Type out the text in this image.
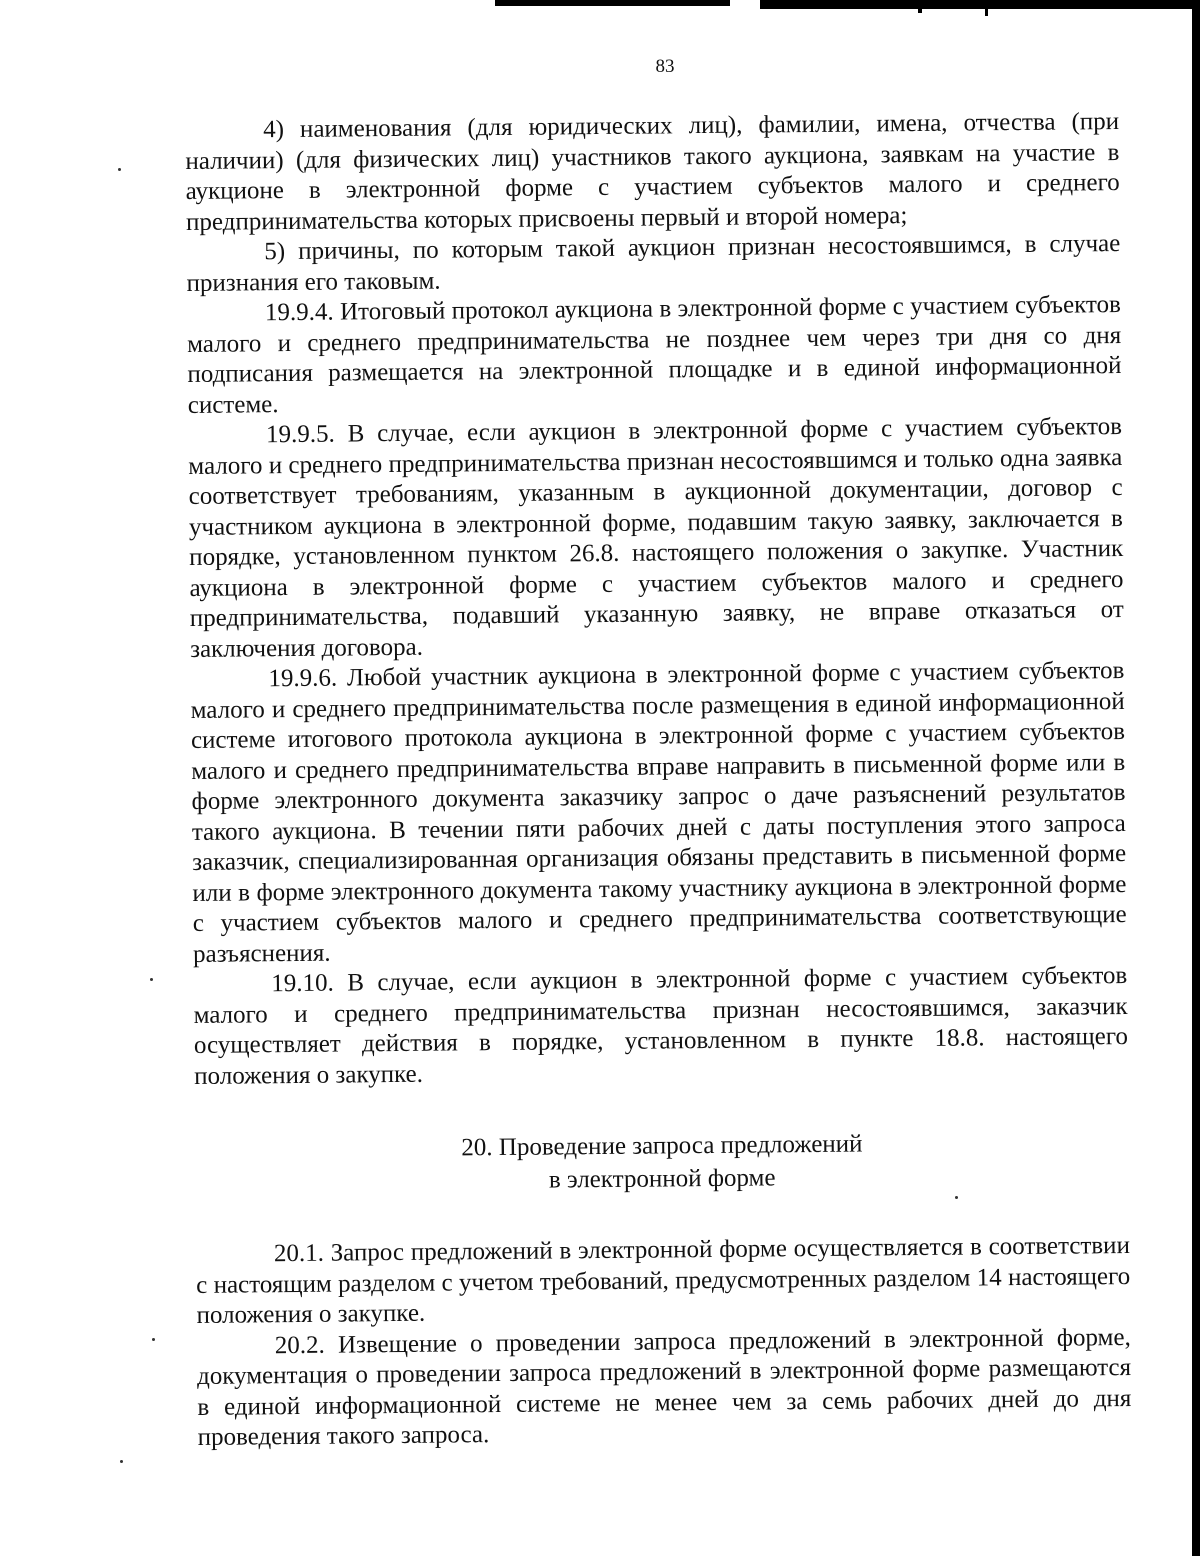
83

4) наименования (для юридических лиц), фамилии, имена, отчества (при наличии) (для физических лиц) участников такого аукциона, заявкам на участие в аукционе в электронной форме с участием субъектов малого и среднего предпринимательства которых присвоены первый и второй номера;

5) причины, по которым такой аукцион признан несостоявшимся, в случае признания его таковым.

19.9.4. Итоговый протокол аукциона в электронной форме с участием субъектов малого и среднего предпринимательства не позднее чем через три дня со дня подписания размещается на электронной площадке и в единой информационной системе.

19.9.5. В случае, если аукцион в электронной форме с участием субъектов малого и среднего предпринимательства признан несостоявшимся и только одна заявка соответствует требованиям, указанным в аукционной документации, договор с участником аукциона в электронной форме, подавшим такую заявку, заключается в порядке, установленном пунктом 26.8. настоящего положения о закупке. Участник аукциона в электронной форме с участием субъектов малого и среднего предпринимательства, подавший указанную заявку, не вправе отказаться от заключения договора.

19.9.6. Любой участник аукциона в электронной форме с участием субъектов малого и среднего предпринимательства после размещения в единой информационной системе итогового протокола аукциона в электронной форме с участием субъектов малого и среднего предпринимательства вправе направить в письменной форме или в форме электронного документа заказчику запрос о даче разъяснений результатов такого аукциона. В течении пяти рабочих дней с даты поступления этого запроса заказчик, специализированная организация обязаны представить в письменной форме или в форме электронного документа такому участнику аукциона в электронной форме с участием субъектов малого и среднего предпринимательства соответствующие разъяснения.

19.10. В случае, если аукцион в электронной форме с участием субъектов малого и среднего предпринимательства признан несостоявшимся, заказчик осуществляет действия в порядке, установленном в пункте 18.8. настоящего положения о закупке.

20. Проведение запроса предложений
в электронной форме

20.1. Запрос предложений в электронной форме осуществляется в соответствии с настоящим разделом с учетом требований, предусмотренных разделом 14 настоящего положения о закупке.

20.2. Извещение о проведении запроса предложений в электронной форме, документация о проведении запроса предложений в электронной форме размещаются в единой информационной системе не менее чем за семь рабочих дней до дня проведения такого запроса.
